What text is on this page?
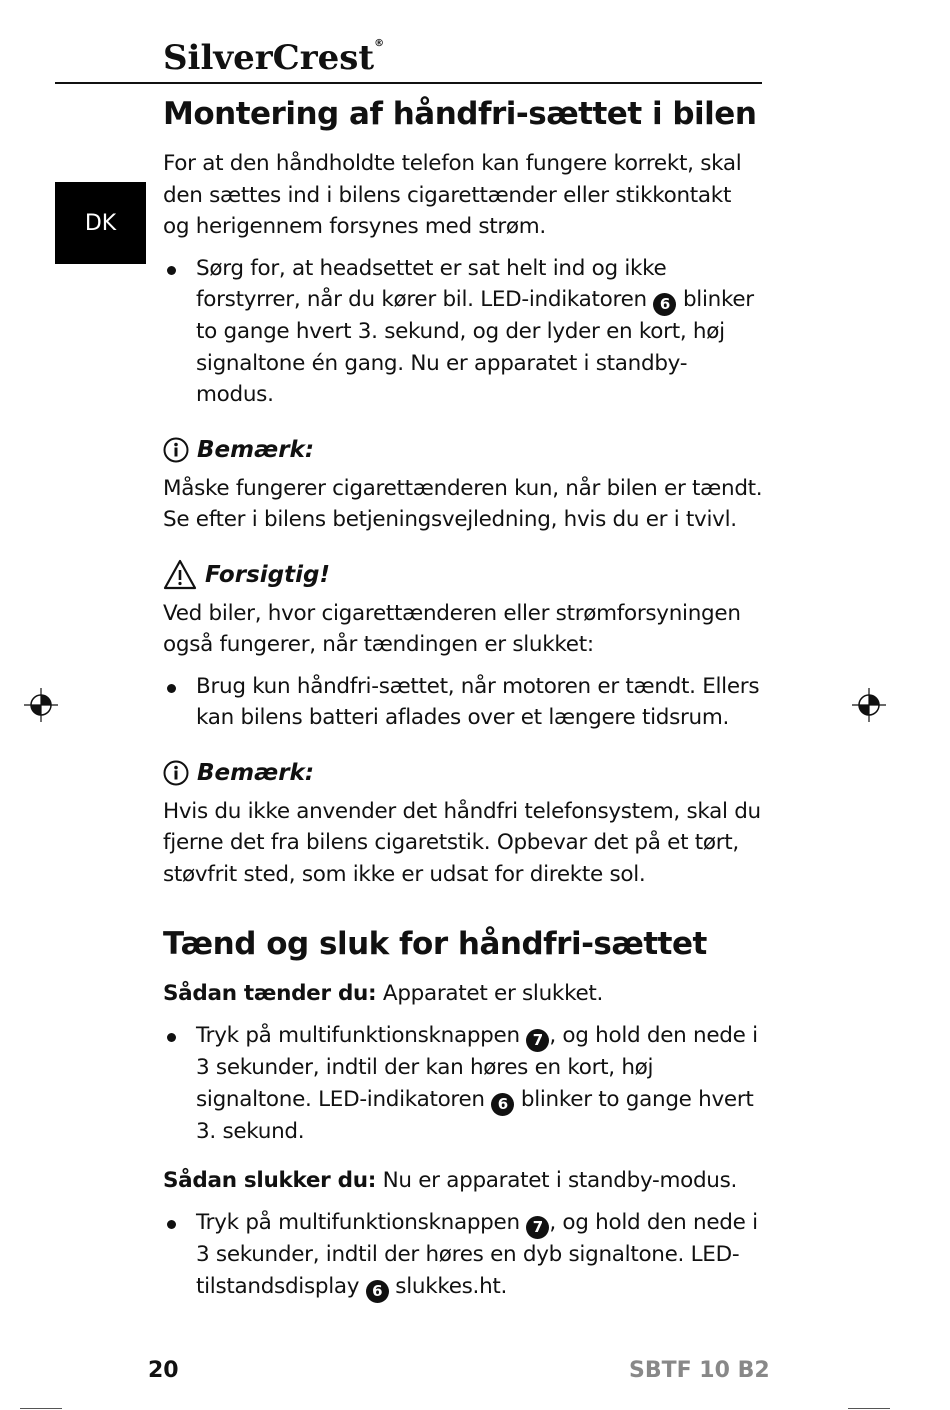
SilverCrest®
DK
Montering af håndfri-sættet i bilen

For at den håndholdte telefon kan fungere korrekt, skal den sættes ind i bilens cigarettænder eller stikkontakt og herigennem forsynes med strøm.

Sørg for, at headsettet er sat helt ind og ikke forstyrrer, når du kører bil. LED-indikatoren 6 blinker to gange hvert 3. sekund, og der lyder en kort, høj signaltone én gang. Nu er apparatet i standby-modus.
Bemærk:

Måske fungerer cigarettænderen kun, når bilen er tændt. Se efter i bilens betjeningsvejledning, hvis du er i tvivl.

Forsigtig!

Ved biler, hvor cigarettænderen eller strømforsyningen også fungerer, når tændingen er slukket:

Brug kun håndfri-sættet, når motoren er tændt. Ellers kan bilens batteri aflades over et længere tidsrum.
Bemærk:

Hvis du ikke anvender det håndfri telefonsystem, skal du fjerne det fra bilens cigaretstik. Opbevar det på et tørt, støvfrit sted, som ikke er udsat for direkte sol.

Tænd og sluk for håndfri-sættet

Sådan tænder du: Apparatet er slukket.

Tryk på multifunktionsknappen 7 , og hold den nede i 3 sekunder, indtil der kan høres en kort, høj signaltone. LED-indikatoren 6 blinker to gange hvert 3. sekund.

Sådan slukker du: Nu er apparatet i standby-modus.

Tryk på multifunktionsknappen 7 , og hold den nede i 3 sekunder, indtil der høres en dyb signaltone. LED-tilstandsdisplay 6 slukkes.ht.
20	SBTF 10 B2
